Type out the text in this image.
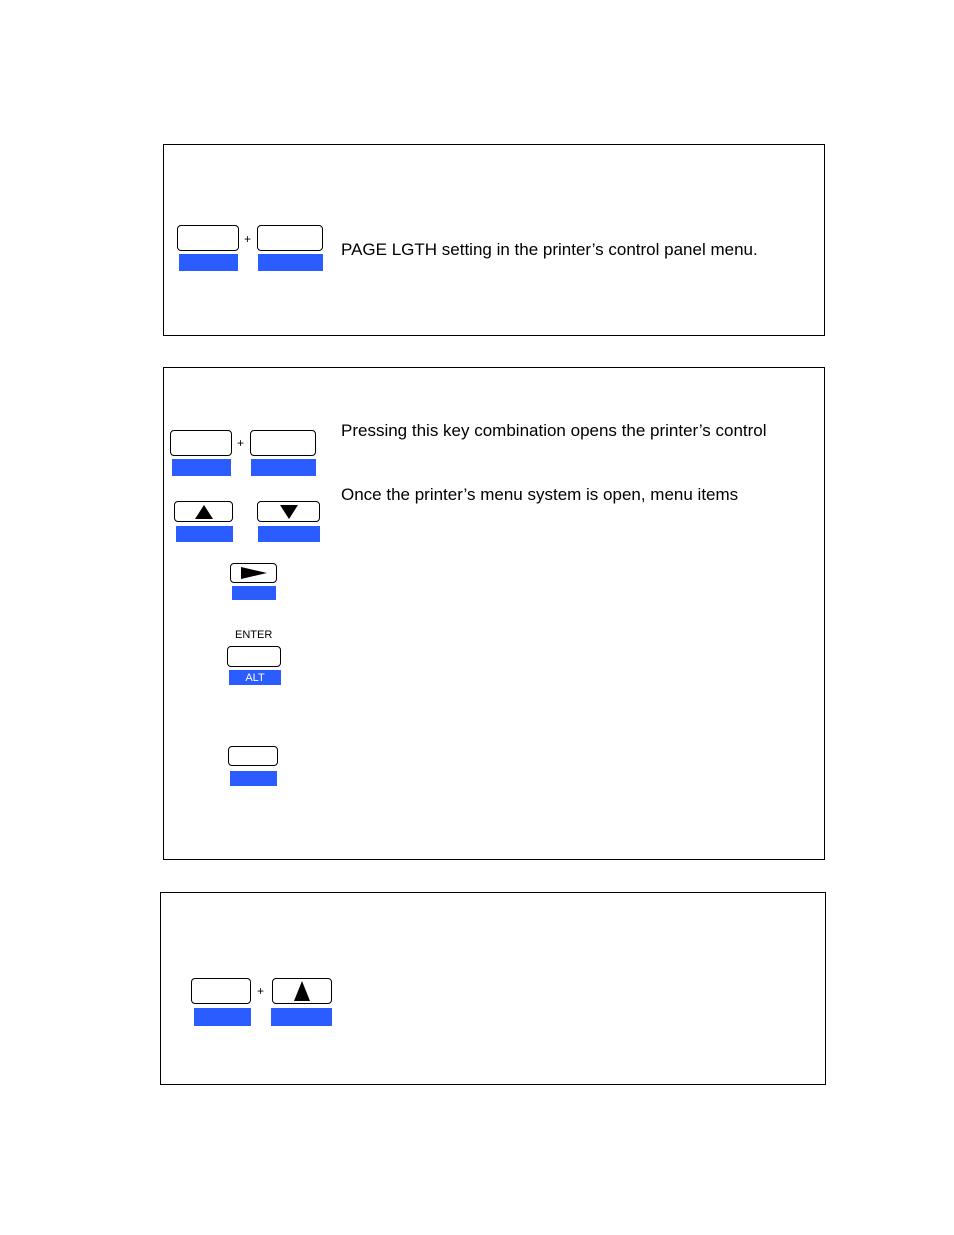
+
PAGE LGTH setting in the printer’s control panel menu.
+
ENTER
ALT
Pressing this key combination opens the printer’s control
Once the printer’s menu system is open, menu items
+
